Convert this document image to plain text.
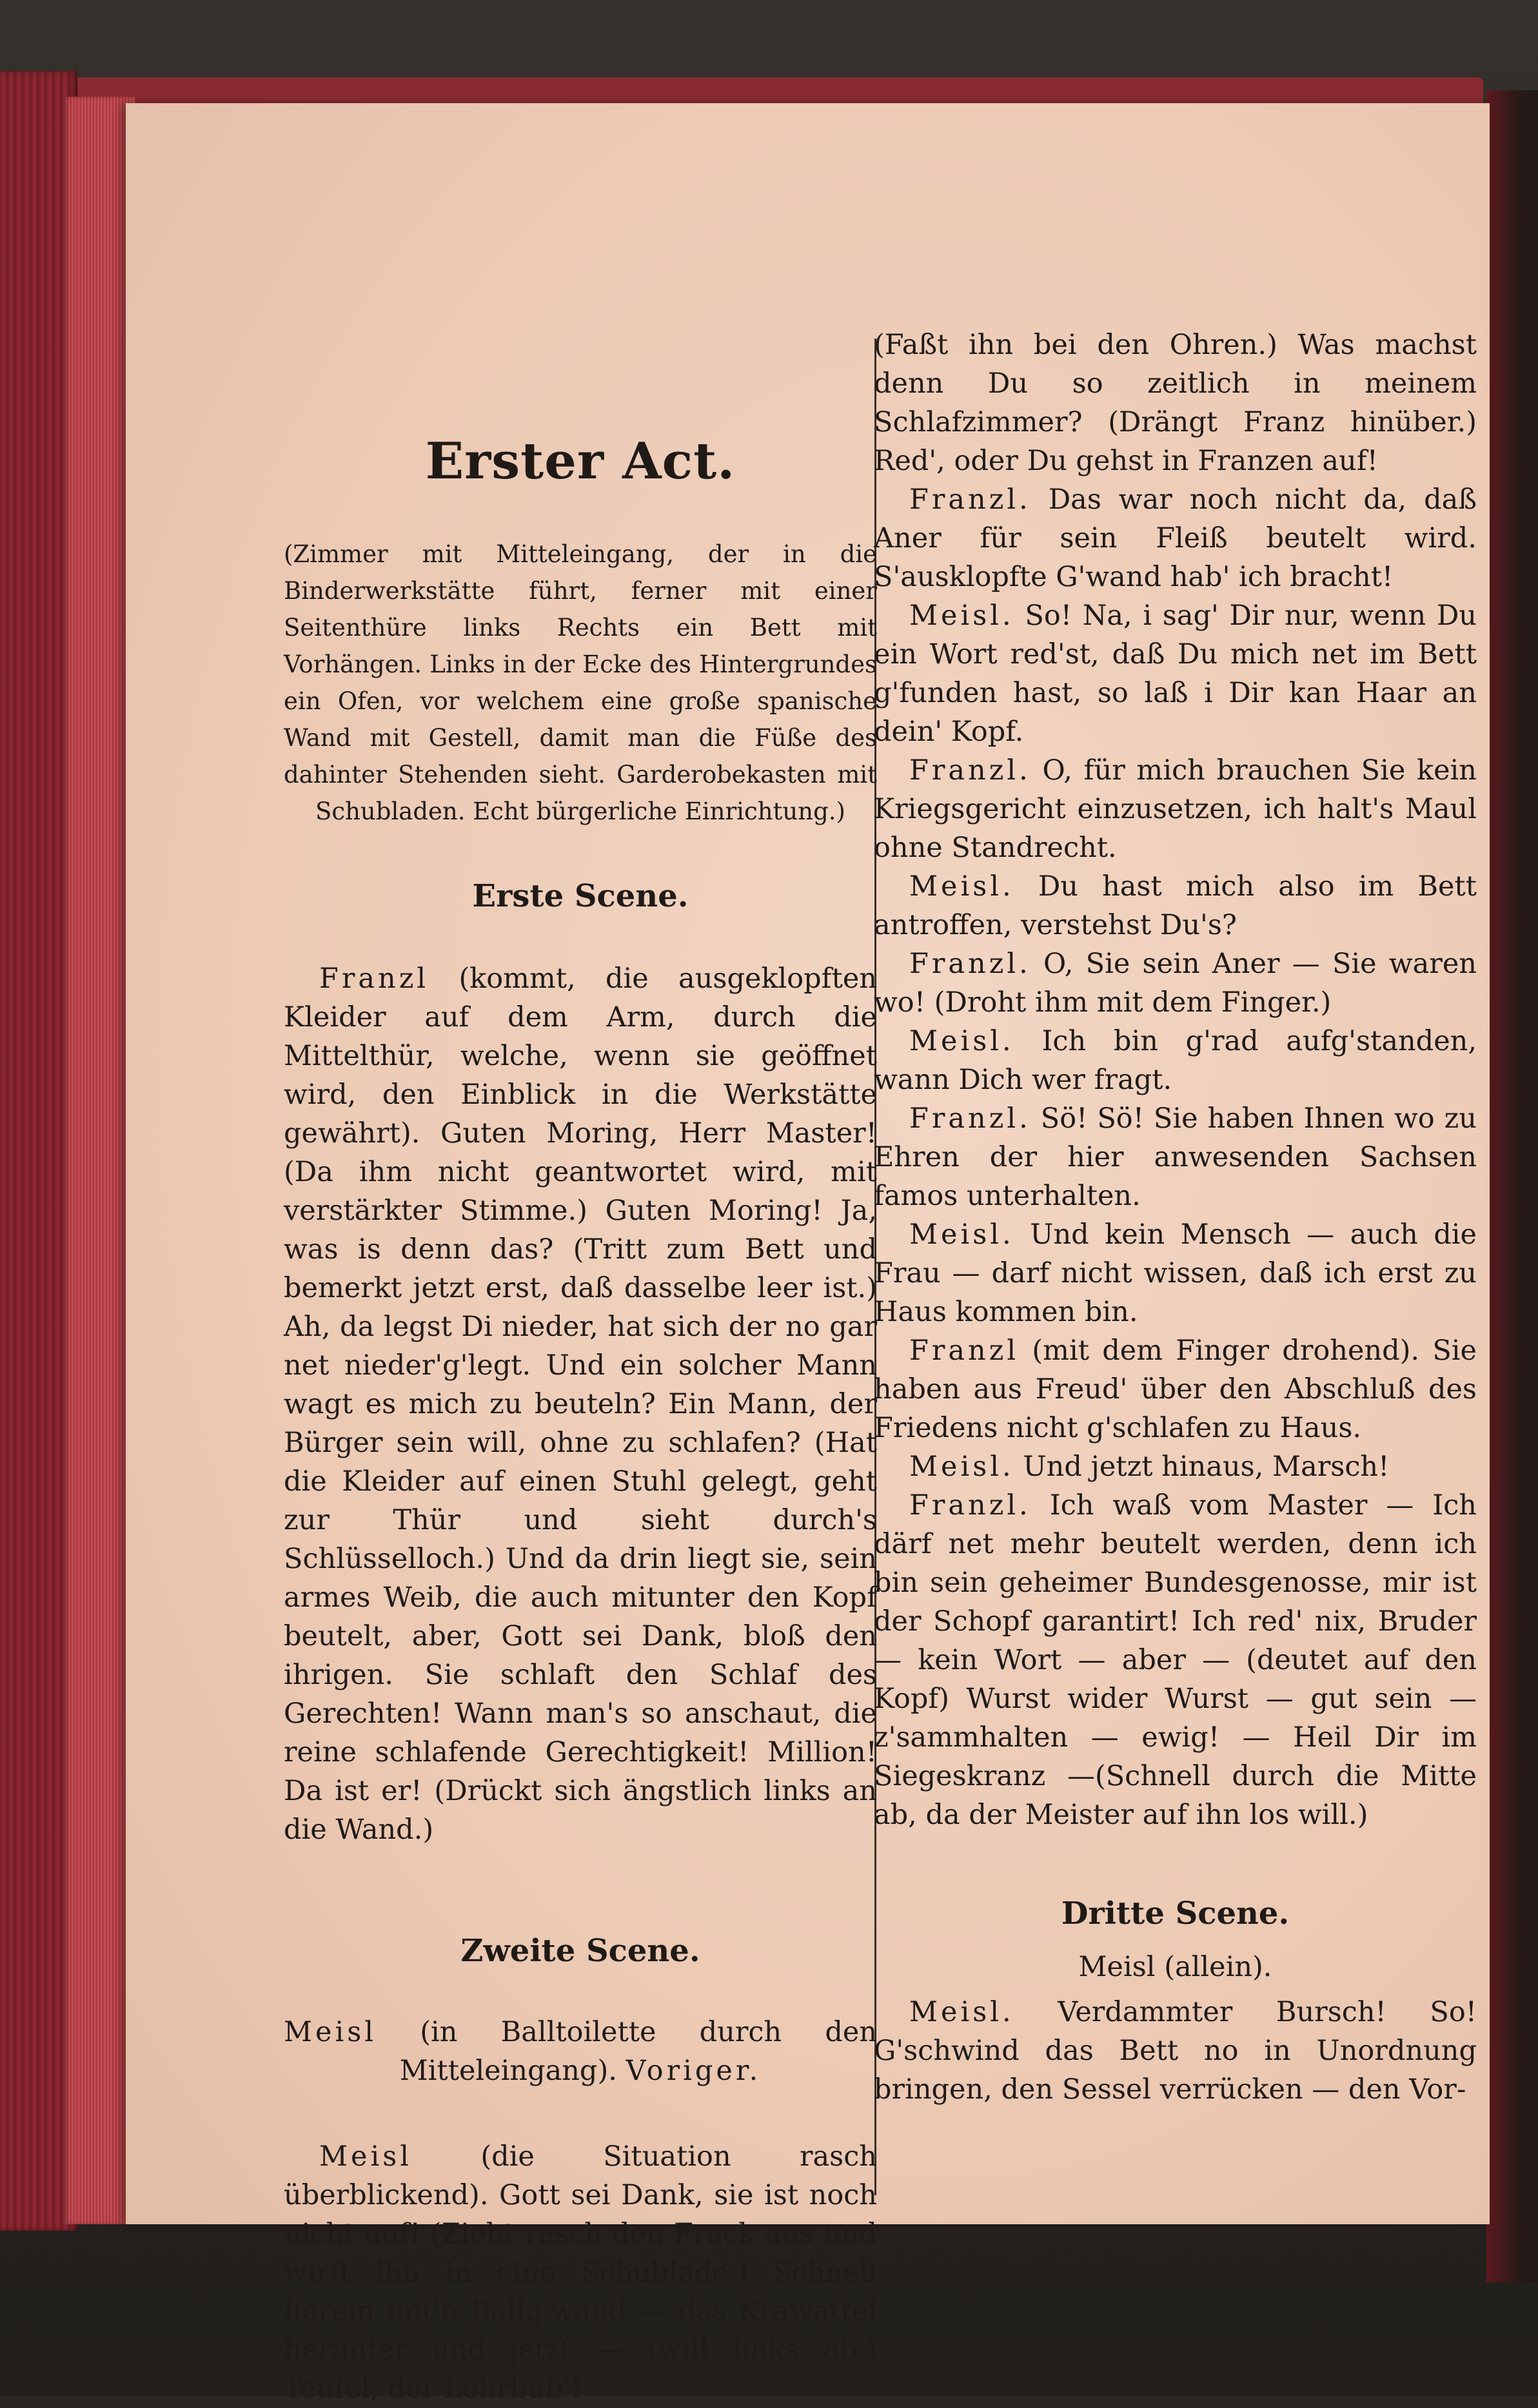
Erster Act.

(Zimmer mit Mitteleingang, der in die Binderwerkstätte führt, ferner mit einer Seitenthüre links Rechts ein Bett mit Vorhängen. Links in der Ecke des Hintergrundes ein Ofen, vor welchem eine große spanische Wand mit Gestell, damit man die Füße des dahinter Stehenden sieht. Garderobekasten mit Schubladen. Echt bürgerliche Einrichtung.)

Erste Scene.

Franzl (kommt, die ausgeklopften Kleider auf dem Arm, durch die Mittelthür, welche, wenn sie geöffnet wird, den Einblick in die Werkstätte gewährt). Guten Moring, Herr Master! (Da ihm nicht geantwortet wird, mit verstärkter Stimme.) Guten Moring! Ja, was is denn das? (Tritt zum Bett und bemerkt jetzt erst, daß dasselbe leer ist.) Ah, da legst Di nieder, hat sich der no gar net nieder'g'legt. Und ein solcher Mann wagt es mich zu beuteln? Ein Mann, der Bürger sein will, ohne zu schlafen? (Hat die Kleider auf einen Stuhl gelegt, geht zur Thür und sieht durch's Schlüsselloch.) Und da drin liegt sie, sein armes Weib, die auch mitunter den Kopf beutelt, aber, Gott sei Dank, bloß den ihrigen. Sie schlaft den Schlaf des Gerechten! Wann man's so anschaut, die reine schlafende Gerechtigkeit! Million! Da ist er! (Drückt sich ängstlich links an die Wand.)

Zweite Scene.

Meisl (in Balltoilette durch den Mitteleingang). Voriger.

Meisl (die Situation rasch überblickend). Gott sei Dank, sie ist noch nicht auf! (Zieht rasch den Frack aus und wirft ihn in eine Schublade.) Schnell herein mit'n Ballg'wand — das Krawattel herunter und jetzt — (will links ab.) Teufel, der Lehrbub'!

(Faßt ihn bei den Ohren.) Was machst denn Du so zeitlich in meinem Schlafzimmer? (Drängt Franz hinüber.) Red', oder Du gehst in Franzen auf!

Franzl. Das war noch nicht da, daß Aner für sein Fleiß beutelt wird. S'ausklopfte G'wand hab' ich bracht!

Meisl. So! Na, i sag' Dir nur, wenn Du ein Wort red'st, daß Du mich net im Bett g'funden hast, so laß i Dir kan Haar an dein' Kopf.

Franzl. O, für mich brauchen Sie kein Kriegsgericht einzusetzen, ich halt's Maul ohne Standrecht.

Meisl. Du hast mich also im Bett antroffen, verstehst Du's?

Franzl. O, Sie sein Aner — Sie waren wo! (Droht ihm mit dem Finger.)

Meisl. Ich bin g'rad aufg'standen, wann Dich wer fragt.

Franzl. Sö! Sö! Sie haben Ihnen wo zu Ehren der hier anwesenden Sachsen famos unterhalten.

Meisl. Und kein Mensch — auch die Frau — darf nicht wissen, daß ich erst zu Haus kommen bin.

Franzl (mit dem Finger drohend). Sie haben aus Freud' über den Abschluß des Friedens nicht g'schlafen zu Haus.

Meisl. Und jetzt hinaus, Marsch!

Franzl. Ich waß vom Master — Ich därf net mehr beutelt werden, denn ich bin sein geheimer Bundesgenosse, mir ist der Schopf garantirt! Ich red' nix, Bruder — kein Wort — aber — (deutet auf den Kopf) Wurst wider Wurst — gut sein — z'sammhalten — ewig! — Heil Dir im Siegeskranz —(Schnell durch die Mitte ab, da der Meister auf ihn los will.)

Dritte Scene.
Meisl (allein).

Meisl. Verdammter Bursch! So! G'schwind das Bett no in Unordnung bringen, den Sessel verrücken — den Vor-
